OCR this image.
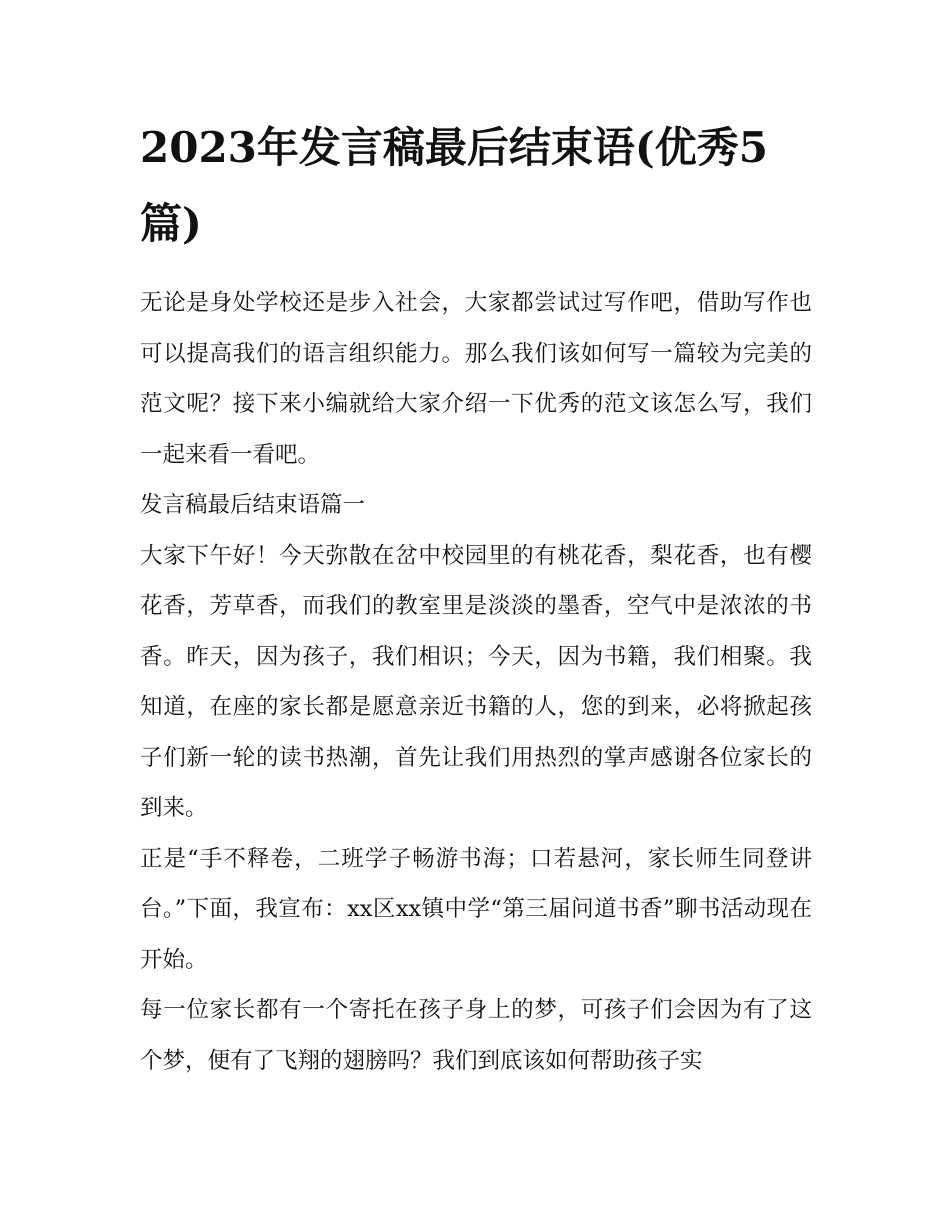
2023年发言稿最后结束语(优秀5篇)

无论是身处学校还是步入社会，大家都尝试过写作吧，借助写作也可以提高我们的语言组织能力。那么我们该如何写一篇较为完美的范文呢？接下来小编就给大家介绍一下优秀的范文该怎么写，我们一起来看一看吧。

发言稿最后结束语篇一

大家下午好！今天弥散在岔中校园里的有桃花香，梨花香，也有樱花香，芳草香，而我们的教室里是淡淡的墨香，空气中是浓浓的书香。昨天，因为孩子，我们相识；今天，因为书籍，我们相聚。我知道，在座的家长都是愿意亲近书籍的人，您的到来，必将掀起孩子们新一轮的读书热潮，首先让我们用热烈的掌声感谢各位家长的到来。

正是“手不释卷，二班学子畅游书海；口若悬河，家长师生同登讲台。”下面，我宣布：xx区xx镇中学“第三届问道书香”聊书活动现在开始。

每一位家长都有一个寄托在孩子身上的梦，可孩子们会因为有了这个梦，便有了飞翔的翅膀吗？我们到底该如何帮助孩子实
